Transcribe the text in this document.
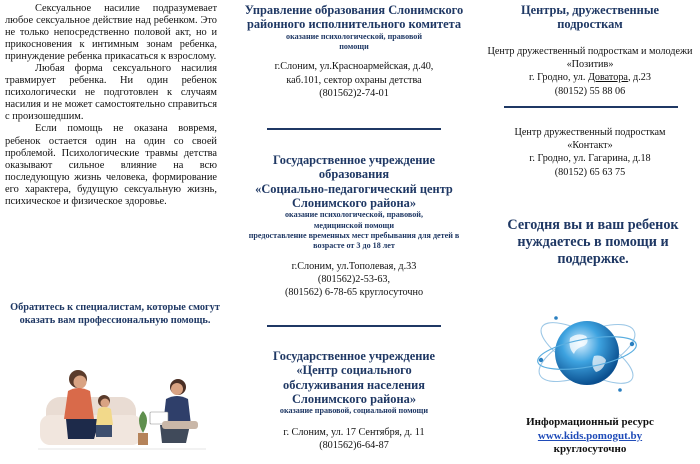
Сексуальное насилие подразумевает любое сексуальное действие над ребенком. Это не только непосредственно половой акт, но и прикосновения к интимным зонам ребенка, принуждение ребенка прикасаться к взрослому.

Любая форма сексуального насилия травмирует ребенка. Ни один ребенок психологически не подготовлен к случаям насилия и не может самостоятельно справиться с произошедшим.

Если помощь не оказана вовремя, ребенок остается один на один со своей проблемой. Психологические травмы детства оказывают сильное влияние на всю последующую жизнь человека, формирование его характера, будущую сексуальную жизнь, психическое и физическое здоровье.

Обратитесь к специалистам, которые смогут оказать вам профессиональную помощь.
Управление образования Слонимского районного исполнительного комитета
оказание психологической, правовой помощи
г.Слоним, ул.Красноармейская, д.40, каб.101, сектор охраны детства
(801562)2-74-01
Государственное учреждение образования
«Социально-педагогический центр Слонимского района»
оказание психологической, правовой, медицинской помощи
предоставление временных мест пребывания для детей в возрасте от 3 до 18 лет
г.Слоним, ул.Тополевая, д.33
(801562)2-53-63,
(801562) 6-78-65 круглосуточно
Государственное учреждение
«Центр социального обслуживания населения Слонимского района»
оказание правовой, социальной помощи
г. Слоним, ул. 17 Сентября, д. 11
(801562)6-64-87
Центры, дружественные подросткам
Центр дружественный подросткам и молодежи «Позитив»
г. Гродно, ул. Доватора, д.23
(80152) 55 88 06
Центр дружественный подросткам «Контакт»
г. Гродно, ул. Гагарина, д.18
(80152) 65 63 75
Сегодня вы и ваш ребенок нуждаетесь в помощи и поддержке.
Информационный ресурс
www.kids.pomogut.by
круглосуточно
